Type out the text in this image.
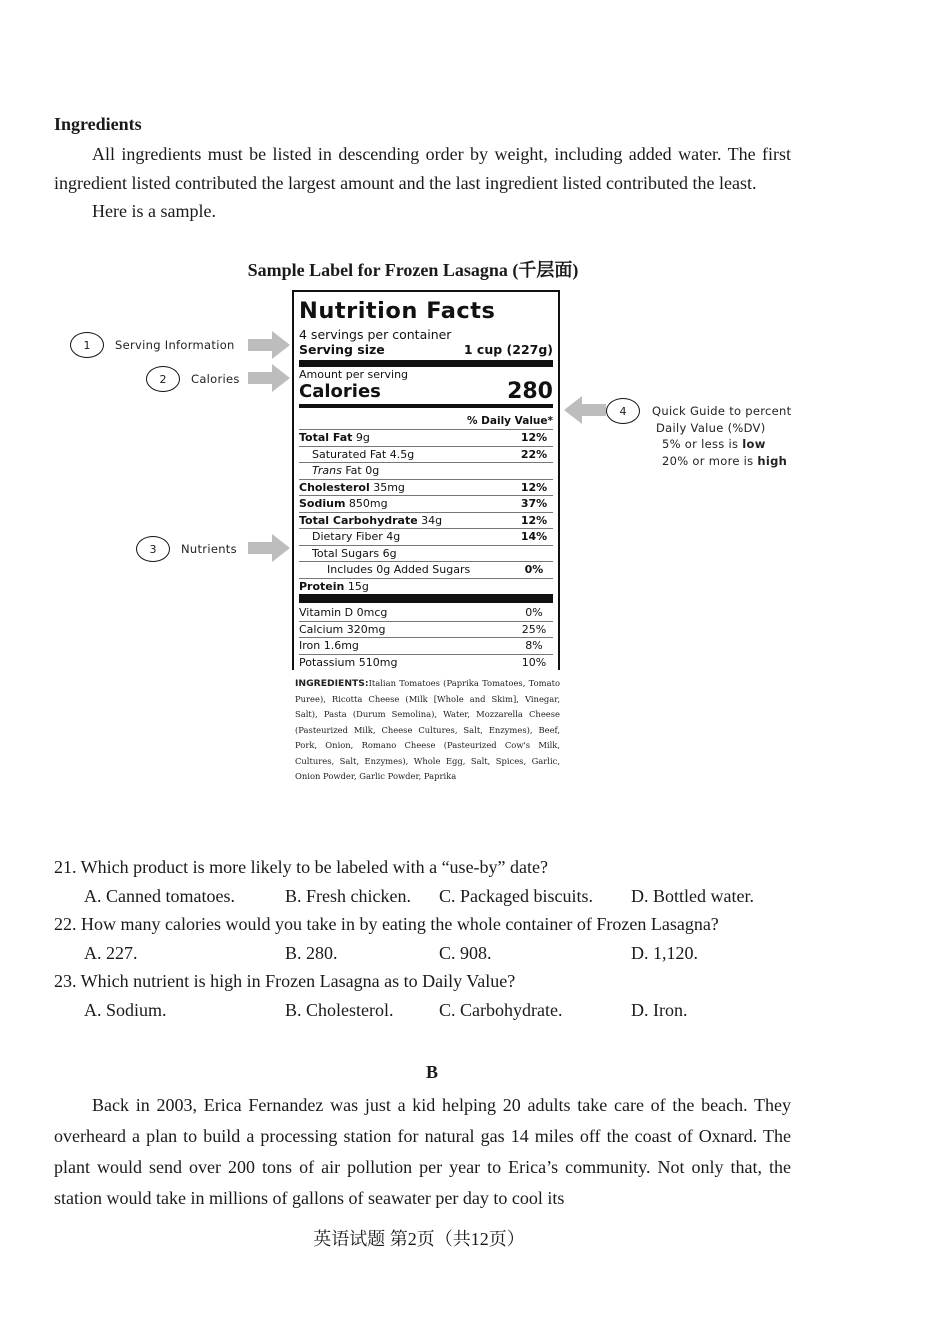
Ingredients

All ingredients must be listed in descending order by weight, including added water. The first ingredient listed contributed the largest amount and the last ingredient listed contributed the least.

Here is a sample.

Sample Label for Frozen Lasagna (千层面)
1	Serving Information
2	Calories
3	Nutrients
4	Quick Guide to percent
Daily Value (%DV)
5% or less is low
20% or more is high
Nutrition Facts
4 servings per container
Serving size	1 cup (227g)
Amount per serving
Calories	280
% Daily Value*
Total Fat 9g	12%
Saturated Fat 4.5g	22%
Trans Fat 0g
Cholesterol 35mg	12%
Sodium 850mg	37%
Total Carbohydrate 34g	12%
Dietary Fiber 4g	14%
Total Sugars 6g
Includes 0g Added Sugars	0%
Protein 15g
Vitamin D 0mcg	0%
Calcium 320mg	25%
Iron 1.6mg	8%
Potassium 510mg	10%
INGREDIENTS:Italian Tomatoes (Paprika Tomatoes, Tomato Puree), Ricotta Cheese (Milk [Whole and Skim], Vinegar, Salt), Pasta (Durum Semolina), Water, Mozzarella Cheese (Pasteurized Milk, Cheese Cultures, Salt, Enzymes), Beef, Pork, Onion, Romano Cheese (Pasteurized Cow's Milk, Cultures, Salt, Enzymes), Whole Egg, Salt, Spices, Garlic, Onion Powder, Garlic Powder, Paprika
21. Which product is more likely to be labeled with a “use-by” date?
A. Canned tomatoes.	B. Fresh chicken. C. Packaged biscuits. D. Bottled water.
22. How many calories would you take in by eating the whole container of Frozen Lasagna?
A. 227.	B. 280.	C. 908.	D. 1,120.
23. Which nutrient is high in Frozen Lasagna as to Daily Value?
A. Sodium.	B. Cholesterol.	C. Carbohydrate.	D. Iron.
B

Back in 2003, Erica Fernandez was just a kid helping 20 adults take care of the beach. They overheard a plan to build a processing station for natural gas 14 miles off the coast of Oxnard. The plant would send over 200 tons of air pollution per year to Erica’s community. Not only that, the station would take in millions of gallons of seawater per day to cool its

英语试题 第2页（共12页）
